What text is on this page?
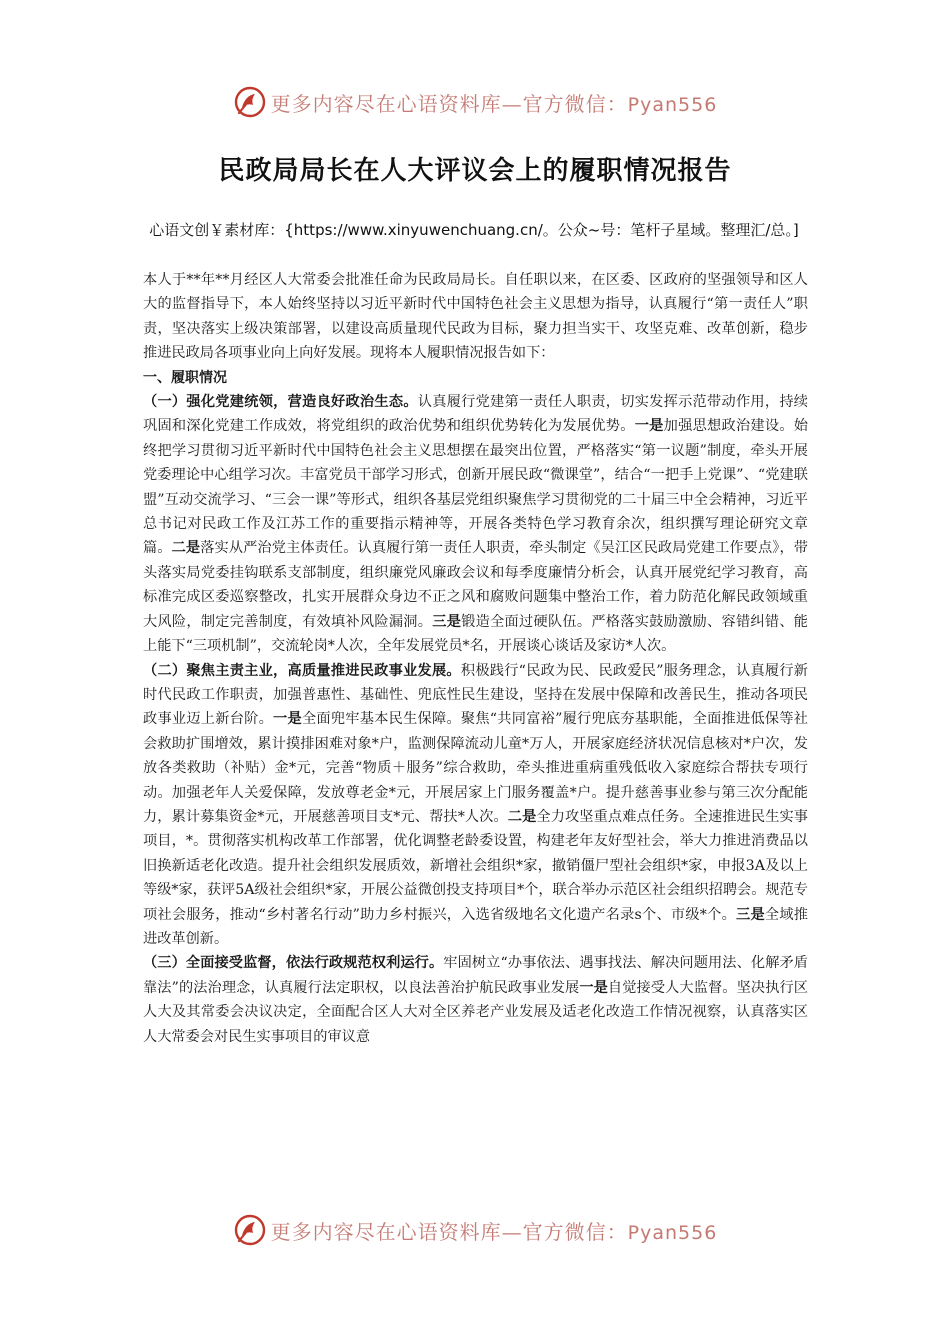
更多内容尽在心语资料库—官方微信：Pyan556
民政局局长在人大评议会上的履职情况报告
心语文创￥素材库：{https://www.xinyuwenchuang.cn/。公众~号：笔杆子星域。整理汇/总。]

本人于**年**月经区人大常委会批准任命为民政局局长。自任职以来，在区委、区政府的坚强领导和区人大的监督指导下，本人始终坚持以习近平新时代中国特色社会主义思想为指导，认真履行“第一责任人”职责，坚决落实上级决策部署，以建设高质量现代民政为目标，聚力担当实干、攻坚克难、改革创新，稳步推进民政局各项事业向上向好发展。现将本人履职情况报告如下：

一、履职情况

（一）强化党建统领，营造良好政治生态。认真履行党建第一责任人职责，切实发挥示范带动作用，持续巩固和深化党建工作成效，将党组织的政治优势和组织优势转化为发展优势。一是加强思想政治建设。始终把学习贯彻习近平新时代中国特色社会主义思想摆在最突出位置，严格落实“第一议题”制度，牵头开展党委理论中心组学习次。丰富党员干部学习形式，创新开展民政“微课堂”，结合“一把手上党课”、“党建联盟”互动交流学习、“三会一课”等形式，组织各基层党组织聚焦学习贯彻党的二十届三中全会精神，习近平总书记对民政工作及江苏工作的重要指示精神等，开展各类特色学习教育余次，组织撰写理论研究文章篇。二是落实从严治党主体责任。认真履行第一责任人职责，牵头制定《吴江区民政局党建工作要点》，带头落实局党委挂钩联系支部制度，组织廉党风廉政会议和每季度廉情分析会，认真开展党纪学习教育，高标准完成区委巡察整改，扎实开展群众身边不正之风和腐败问题集中整治工作，着力防范化解民政领域重大风险，制定完善制度，有效填补风险漏洞。三是锻造全面过硬队伍。严格落实鼓励激励、容错纠错、能上能下“三项机制”，交流轮岗*人次，全年发展党员*名，开展谈心谈话及家访*人次。

（二）聚焦主责主业，高质量推进民政事业发展。积极践行“民政为民、民政爱民”服务理念，认真履行新时代民政工作职责，加强普惠性、基础性、兜底性民生建设，坚持在发展中保障和改善民生，推动各项民政事业迈上新台阶。一是全面兜牢基本民生保障。聚焦“共同富裕”履行兜底夯基职能，全面推进低保等社会救助扩围增效，累计摸排困难对象*户，监测保障流动儿童*万人，开展家庭经济状况信息核对*户次，发放各类救助（补贴）金*元，完善“物质＋服务”综合救助，牵头推进重病重残低收入家庭综合帮扶专项行动。加强老年人关爱保障，发放尊老金*元，开展居家上门服务覆盖*户。提升慈善事业参与第三次分配能力，累计募集资金*元，开展慈善项目支*元、帮扶*人次。二是全力攻坚重点难点任务。全速推进民生实事项目，*。贯彻落实机构改革工作部署，优化调整老龄委设置，构建老年友好型社会，举大力推进消费品以旧换新适老化改造。提升社会组织发展质效，新增社会组织*家，撤销僵尸型社会组织*家，申报3A及以上等级*家，获评5A级社会组织*家，开展公益微创投支持项目*个，联合举办示范区社会组织招聘会。规范专项社会服务，推动“乡村著名行动”助力乡村振兴，入选省级地名文化遗产名录s个、市级*个。三是全域推进改革创新。

（三）全面接受监督，依法行政规范权利运行。牢固树立“办事依法、遇事找法、解决问题用法、化解矛盾靠法”的法治理念，认真履行法定职权，以良法善治护航民政事业发展一是自觉接受人大监督。坚决执行区人大及其常委会决议决定，全面配合区人大对全区养老产业发展及适老化改造工作情况视察，认真落实区人大常委会对民生实事项目的审议意

更多内容尽在心语资料库—官方微信：Pyan556
